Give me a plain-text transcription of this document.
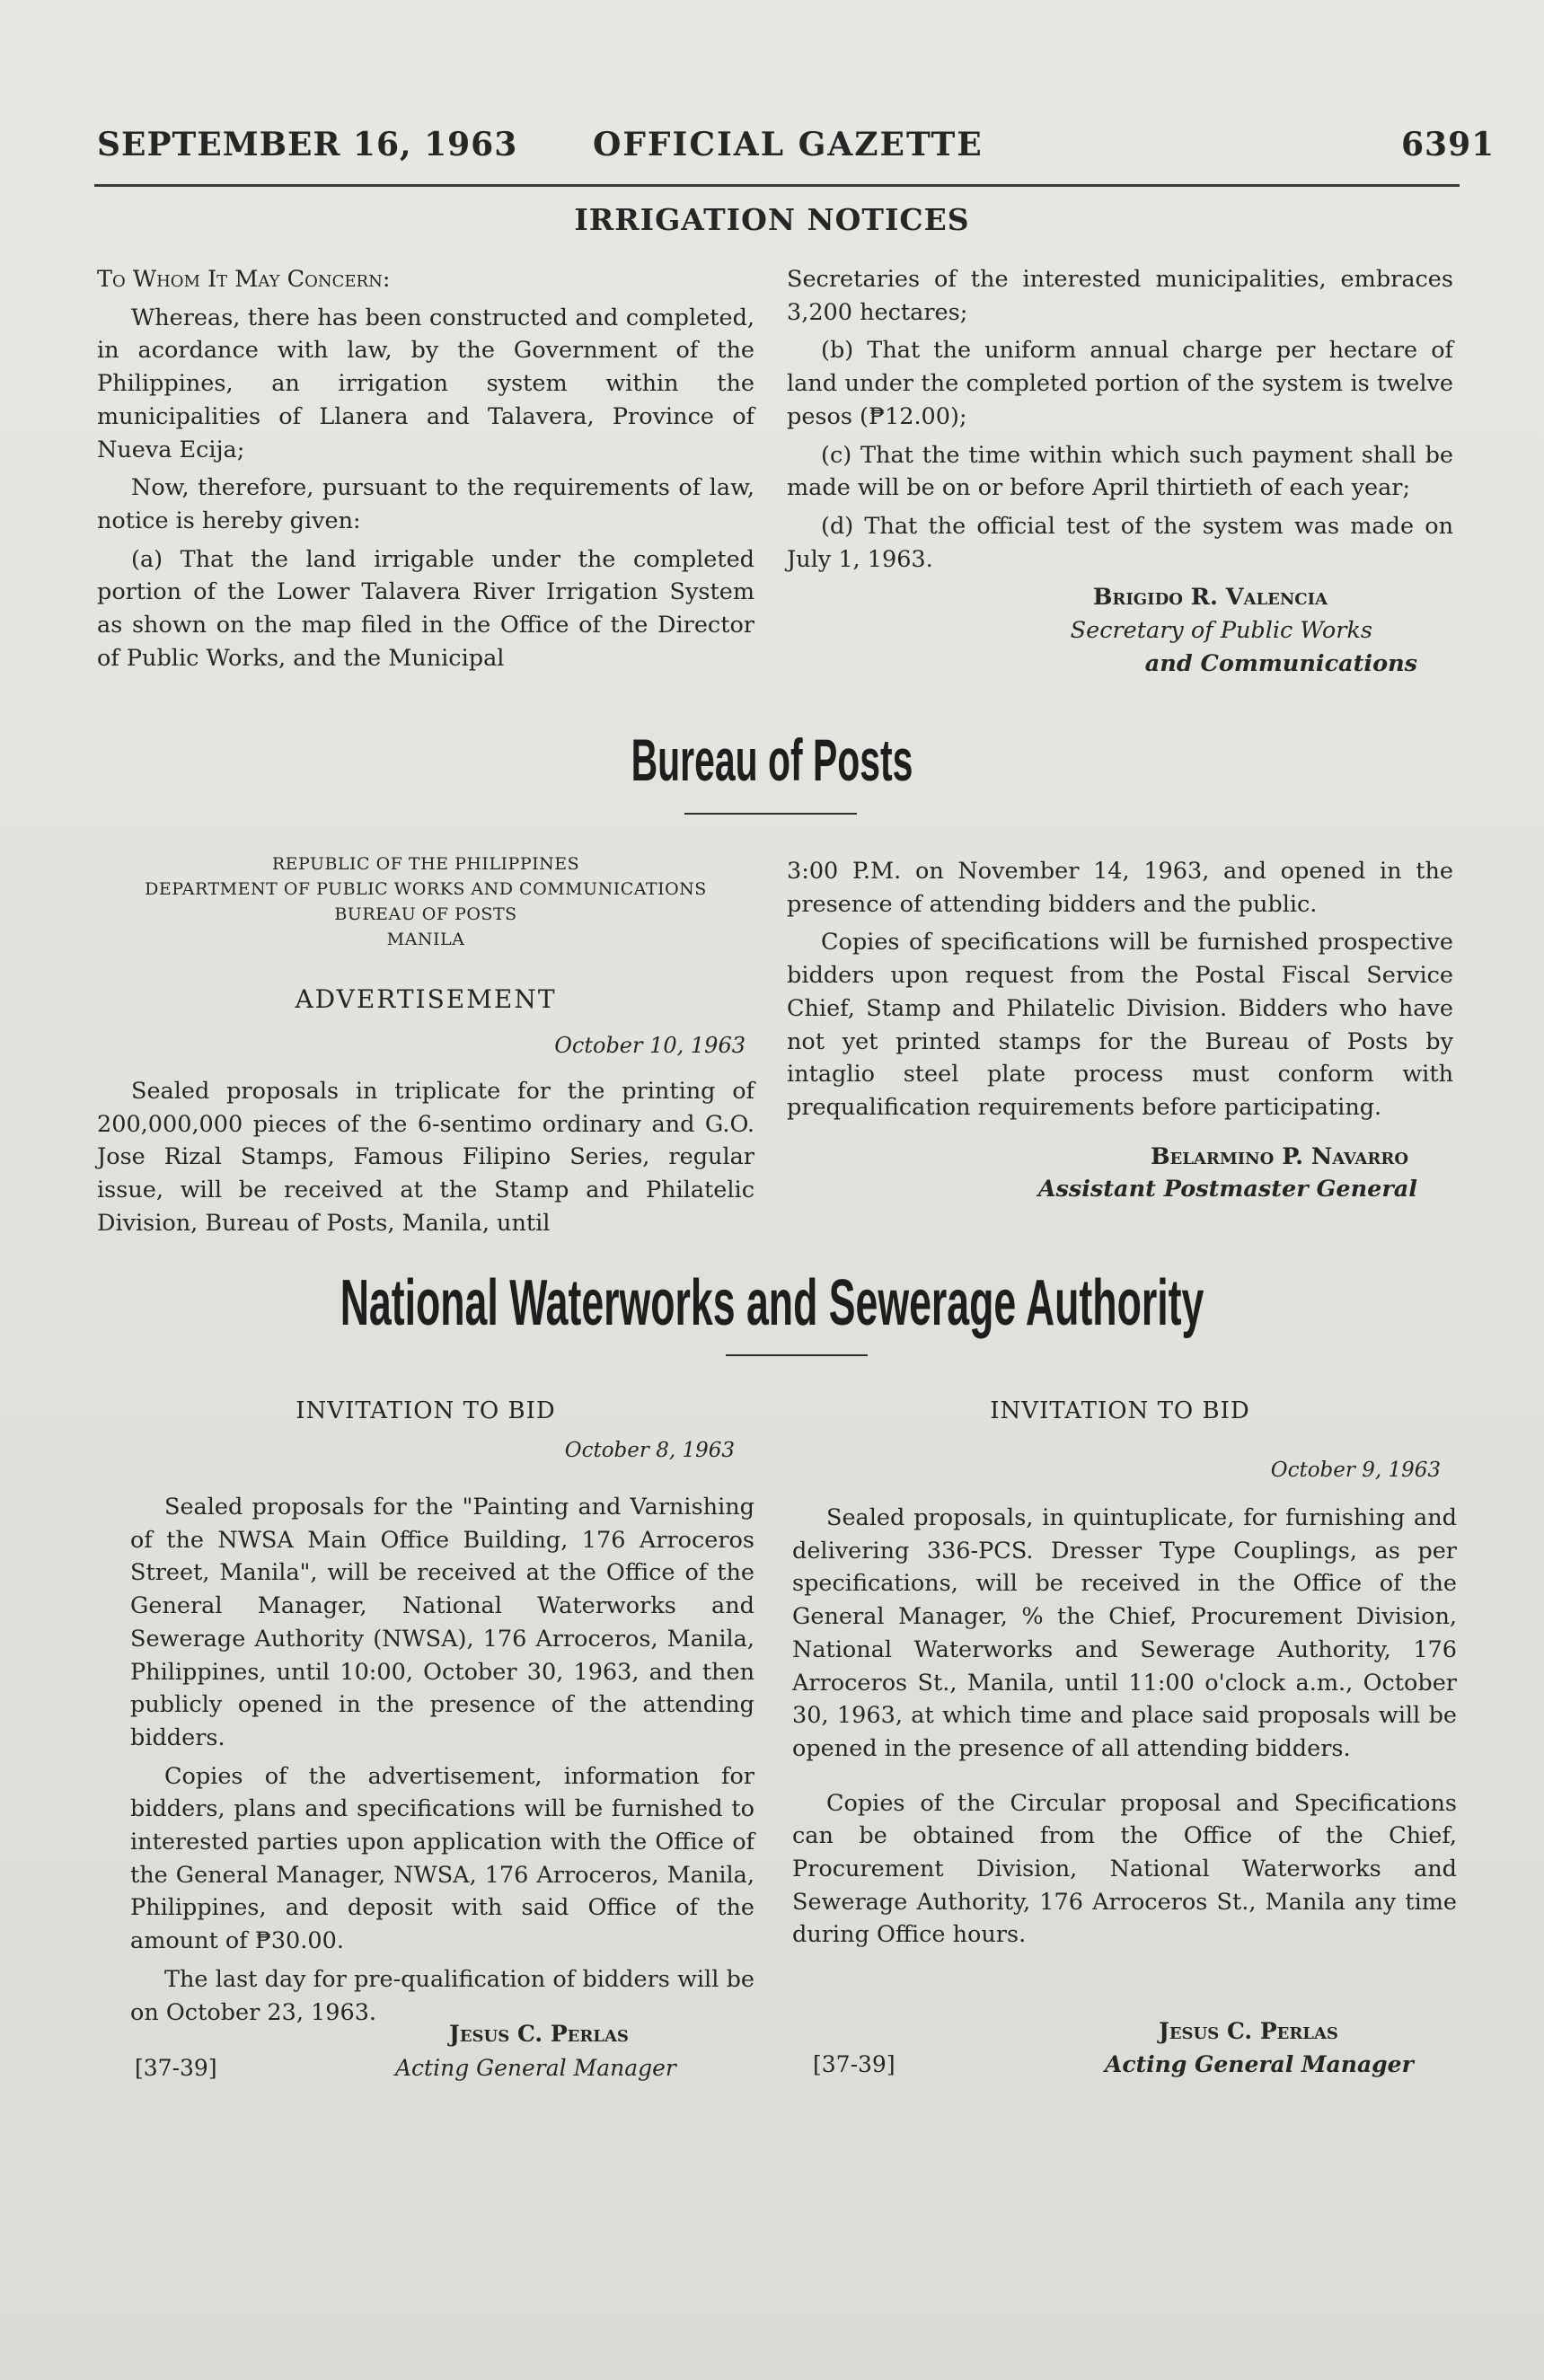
SEPTEMBER 16, 1963 OFFICIAL GAZETTE	6391
IRRIGATION NOTICES

To Whom It May Concern:

Whereas, there has been constructed and completed, in acordance with law, by the Government of the Philippines, an irrigation system within the municipalities of Llanera and Talavera, Province of Nueva Ecija;

Now, therefore, pursuant to the requirements of law, notice is hereby given:

(a) That the land irrigable under the completed portion of the Lower Talavera River Irrigation System as shown on the map filed in the Office of the Director of Public Works, and the Municipal

Secretaries of the interested municipalities, embraces 3,200 hectares;

(b) That the uniform annual charge per hectare of land under the completed portion of the system is twelve pesos (₱12.00);

(c) That the time within which such payment shall be made will be on or before April thirtieth of each year;

(d) That the official test of the system was made on July 1, 1963.

Brigido R. Valencia
Secretary of Public Works
and Communications
Bureau of Posts
REPUBLIC OF THE PHILIPPINES
DEPARTMENT OF PUBLIC WORKS AND COMMUNICATIONS
BUREAU OF POSTS
MANILA
ADVERTISEMENT
October 10, 1963

Sealed proposals in triplicate for the printing of 200,000,000 pieces of the 6-sentimo ordinary and G.O. Jose Rizal Stamps, Famous Filipino Series, regular issue, will be received at the Stamp and Philatelic Division, Bureau of Posts, Manila, until

3:00 P.M. on November 14, 1963, and opened in the presence of attending bidders and the public.

Copies of specifications will be furnished prospective bidders upon request from the Postal Fiscal Service Chief, Stamp and Philatelic Division. Bidders who have not yet printed stamps for the Bureau of Posts by intaglio steel plate process must conform with prequalification requirements before participating.

Belarmino P. Navarro
Assistant Postmaster General
National Waterworks and Sewerage Authority
INVITATION TO BID
October 8, 1963

Sealed proposals for the "Painting and Varnishing of the NWSA Main Office Building, 176 Arroceros Street, Manila", will be received at the Office of the General Manager, National Waterworks and Sewerage Authority (NWSA), 176 Arroceros, Manila, Philippines, until 10:00, October 30, 1963, and then publicly opened in the presence of the attending bidders.

Copies of the advertisement, information for bidders, plans and specifications will be furnished to interested parties upon application with the Office of the General Manager, NWSA, 176 Arroceros, Manila, Philippines, and deposit with said Office of the amount of ₱30.00.

The last day for pre-qualification of bidders will be on October 23, 1963.

Jesus C. Perlas
[37-39]	Acting General Manager
INVITATION TO BID
October 9, 1963

Sealed proposals, in quintuplicate, for furnishing and delivering 336-PCS. Dresser Type Couplings, as per specifications, will be received in the Office of the General Manager, % the Chief, Procurement Division, National Waterworks and Sewerage Authority, 176 Arroceros St., Manila, until 11:00 o'clock a.m., October 30, 1963, at which time and place said proposals will be opened in the presence of all attending bidders.

Copies of the Circular proposal and Specifications can be obtained from the Office of the Chief, Procurement Division, National Waterworks and Sewerage Authority, 176 Arroceros St., Manila any time during Office hours.

Jesus C. Perlas
[37-39]	Acting General Manager
